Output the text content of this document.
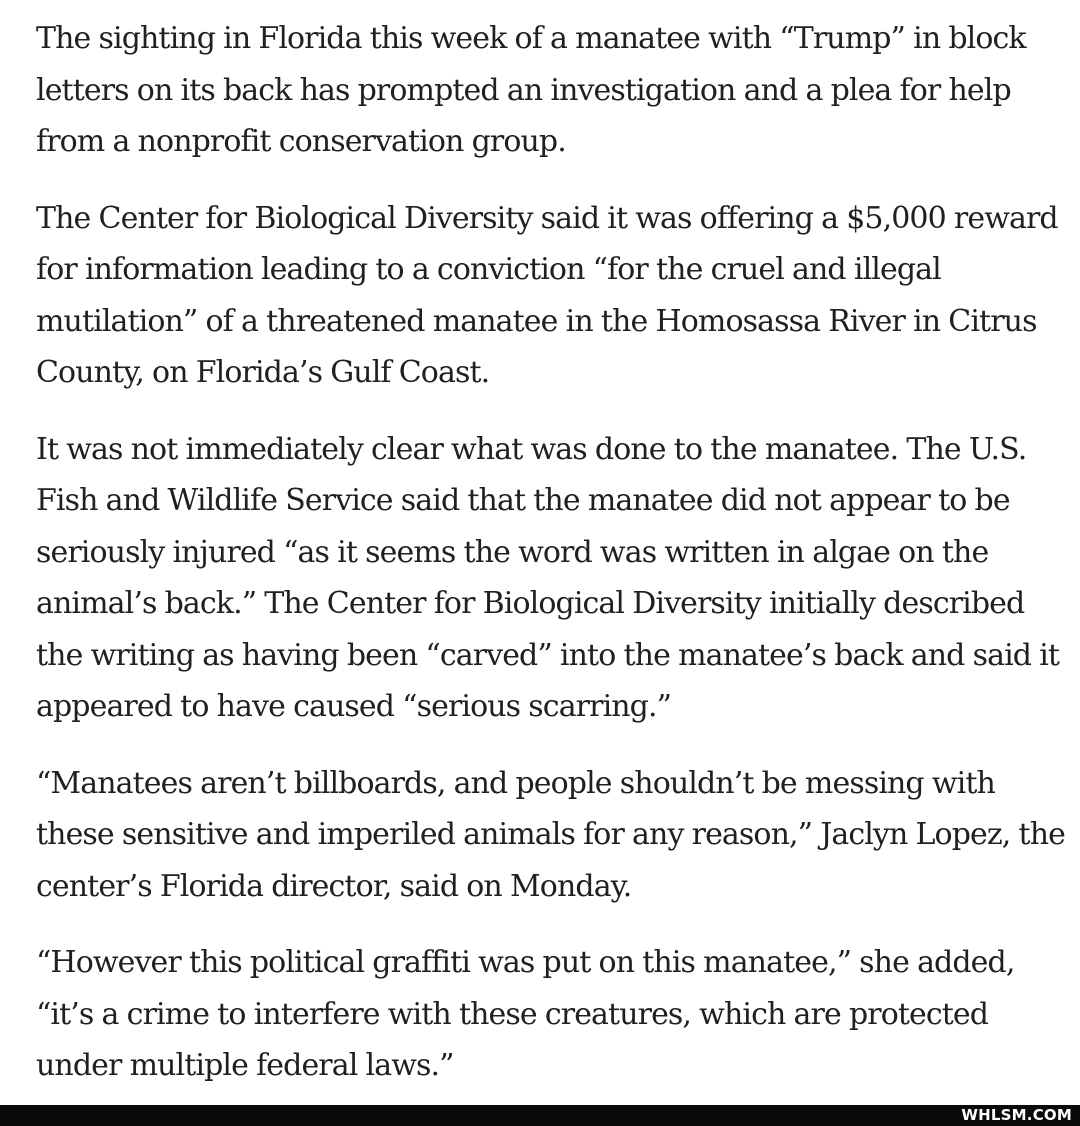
The sighting in Florida this week of a manatee with “Trump” in block letters on its back has prompted an investigation and a plea for help from a nonprofit conservation group.

The Center for Biological Diversity said it was offering a $5,000 reward for information leading to a conviction “for the cruel and illegal mutilation” of a threatened manatee in the Homosassa River in Citrus County, on Florida’s Gulf Coast.

It was not immediately clear what was done to the manatee. The U.S. Fish and Wildlife Service said that the manatee did not appear to be seriously injured “as it seems the word was written in algae on the animal’s back.” The Center for Biological Diversity initially described the writing as having been “carved” into the manatee’s back and said it appeared to have caused “serious scarring.”

“Manatees aren’t billboards, and people shouldn’t be messing with these sensitive and imperiled animals for any reason,” Jaclyn Lopez, the center’s Florida director, said on Monday.

“However this political graffiti was put on this manatee,” she added, “it’s a crime to interfere with these creatures, which are protected under multiple federal laws.”

WHLSM.COM
